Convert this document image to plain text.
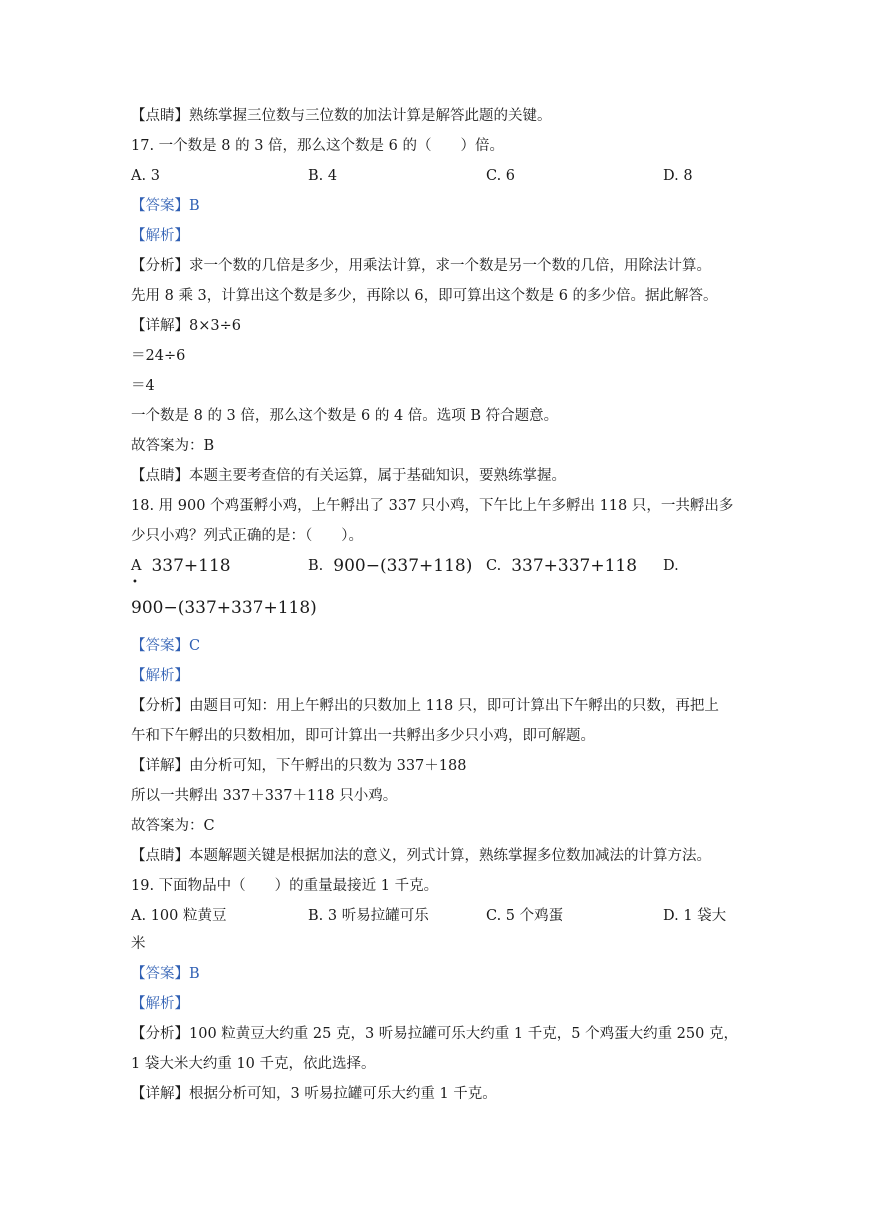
【点睛】熟练掌握三位数与三位数的加法计算是解答此题的关键。
17. 一个数是 8 的 3 倍，那么这个数是 6 的（　　）倍。
A. 3	B. 4	C. 6	D. 8
【答案】B
【解析】
【分析】求一个数的几倍是多少，用乘法计算，求一个数是另一个数的几倍，用除法计算。
先用 8 乘 3，计算出这个数是多少，再除以 6，即可算出这个数是 6 的多少倍。据此解答。
【详解】8×3÷6
＝24÷6
＝4
一个数是 8 的 3 倍，那么这个数是 6 的 4 倍。选项 B 符合题意。
故答案为：B
【点睛】本题主要考查倍的有关运算，属于基础知识，要熟练掌握。
18. 用 900 个鸡蛋孵小鸡，上午孵出了 337 只小鸡，下午比上午多孵出 118 只，一共孵出多
少只小鸡？列式正确的是：（　　）。
A 337+118
•
B. 900−(337+118) C. 337+337+118 D.
900−(337+337+118)
【答案】C
【解析】
【分析】由题目可知：用上午孵出的只数加上 118 只，即可计算出下午孵出的只数，再把上
午和下午孵出的只数相加，即可计算出一共孵出多少只小鸡，即可解题。
【详解】由分析可知，下午孵出的只数为 337＋188
所以一共孵出 337＋337＋118 只小鸡。
故答案为：C
【点睛】本题解题关键是根据加法的意义，列式计算，熟练掌握多位数加减法的计算方法。
19. 下面物品中（　　）的重量最接近 1 千克。
A. 100 粒黄豆	B. 3 听易拉罐可乐	C. 5 个鸡蛋	D. 1 袋大
米
【答案】B
【解析】
【分析】100 粒黄豆大约重 25 克，3 听易拉罐可乐大约重 1 千克，5 个鸡蛋大约重 250 克，
1 袋大米大约重 10 千克，依此选择。
【详解】根据分析可知，3 听易拉罐可乐大约重 1 千克。
